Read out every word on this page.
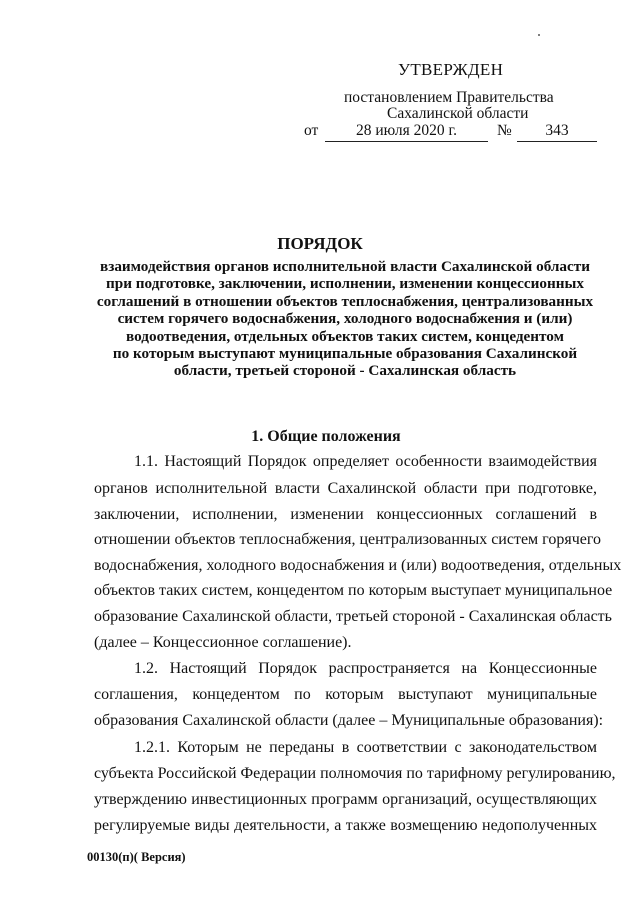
УТВЕРЖДЕН
постановлением Правительства
Сахалинской области
от	28 июля 2020 г.	№	343
ПОРЯДОК
взаимодействия органов исполнительной власти Сахалинской области
при подготовке, заключении, исполнении, изменении концессионных
соглашений в отношении объектов теплоснабжения, централизованных
систем горячего водоснабжения, холодного водоснабжения и (или)
водоотведения, отдельных объектов таких систем, концедентом
по которым выступают муниципальные образования Сахалинской
области, третьей стороной - Сахалинская область
1. Общие положения
1.1. Настоящий Порядок определяет особенности взаимодействия
органов исполнительной власти Сахалинской области при подготовке,
заключении, исполнении, изменении концессионных соглашений в
отношении объектов теплоснабжения, централизованных систем горячего
водоснабжения, холодного водоснабжения и (или) водоотведения, отдельных
объектов таких систем, концедентом по которым выступает муниципальное
образование Сахалинской области, третьей стороной - Сахалинская область
(далее – Концессионное соглашение).
1.2. Настоящий Порядок распространяется на Концессионные
соглашения, концедентом по которым выступают муниципальные
образования Сахалинской области (далее – Муниципальные образования):
1.2.1. Которым не переданы в соответствии с законодательством
субъекта Российской Федерации полномочия по тарифному регулированию,
утверждению инвестиционных программ организаций, осуществляющих
регулируемые виды деятельности, а также возмещению недополученных
00130(п)( Версия)
